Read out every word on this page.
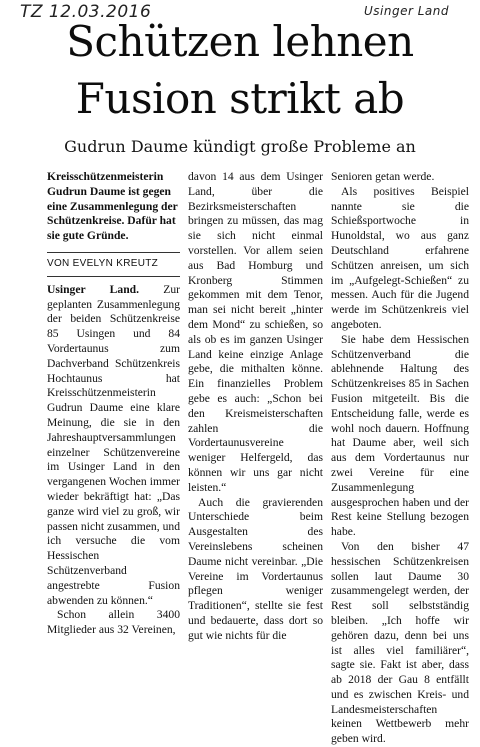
TZ 12.03.2016	Usinger Land
Schützen lehnen
Fusion strikt ab
Gudrun Daume kündigt große Probleme an

Kreisschützenmeisterin Gudrun Daume ist gegen eine Zusammenlegung der Schützenkreise. Dafür hat sie gute Gründe.

VON EVELYN KREUTZ

Usinger Land. Zur geplanten Zusammenlegung der beiden Schützenkreise 85 Usingen und 84 Vordertaunus zum Dachverband Schützenkreis Hochtaunus hat Kreisschützenmeisterin Gudrun Daume eine klare Meinung, die sie in den Jahreshauptversammlungen einzelner Schützenvereine im Usinger Land in den vergangenen Wochen immer wieder bekräftigt hat: „Das ganze wird viel zu groß, wir passen nicht zusammen, und ich versuche die vom Hessischen Schützenverband angestrebte Fusion abwenden zu können.“

Schon allein 3400 Mitglieder aus 32 Vereinen,

davon 14 aus dem Usinger Land, über die Bezirksmeisterschaften bringen zu müssen, das mag sie sich nicht einmal vorstellen. Vor allem seien aus Bad Homburg und Kronberg Stimmen gekommen mit dem Tenor, man sei nicht bereit „hinter dem Mond“ zu schießen, so als ob es im ganzen Usinger Land keine einzige Anlage gebe, die mithalten könne. Ein finanzielles Problem gebe es auch: „Schon bei den Kreismeisterschaften zahlen die Vordertaunusvereine weniger Helfergeld, das können wir uns gar nicht leisten.“

Auch die gravierenden Unterschiede beim Ausgestalten des Vereinslebens scheinen Daume nicht vereinbar. „Die Vereine im Vordertaunus pflegen weniger Traditionen“, stellte sie fest und bedauerte, dass dort so gut wie nichts für die

Senioren getan werde.

Als positives Beispiel nannte sie die Schießsportwoche in Hunoldstal, wo aus ganz Deutschland erfahrene Schützen anreisen, um sich im „Aufgelegt-Schießen“ zu messen. Auch für die Jugend werde im Schützenkreis viel angeboten.

Sie habe dem Hessischen Schützenverband die ablehnende Haltung des Schützenkreises 85 in Sachen Fusion mitgeteilt. Bis die Entscheidung falle, werde es wohl noch dauern. Hoffnung hat Daume aber, weil sich aus dem Vordertaunus nur zwei Vereine für eine Zusammenlegung ausgesprochen haben und der Rest keine Stellung bezogen habe.

Von den bisher 47 hessischen Schützenkreisen sollen laut Daume 30 zusammengelegt werden, der Rest soll selbstständig bleiben. „Ich hoffe wir gehören dazu, denn bei uns ist alles viel familiärer“, sagte sie. Fakt ist aber, dass ab 2018 der Gau 8 entfällt und es zwischen Kreis- und Landesmeisterschaften keinen Wettbewerb mehr geben wird.
